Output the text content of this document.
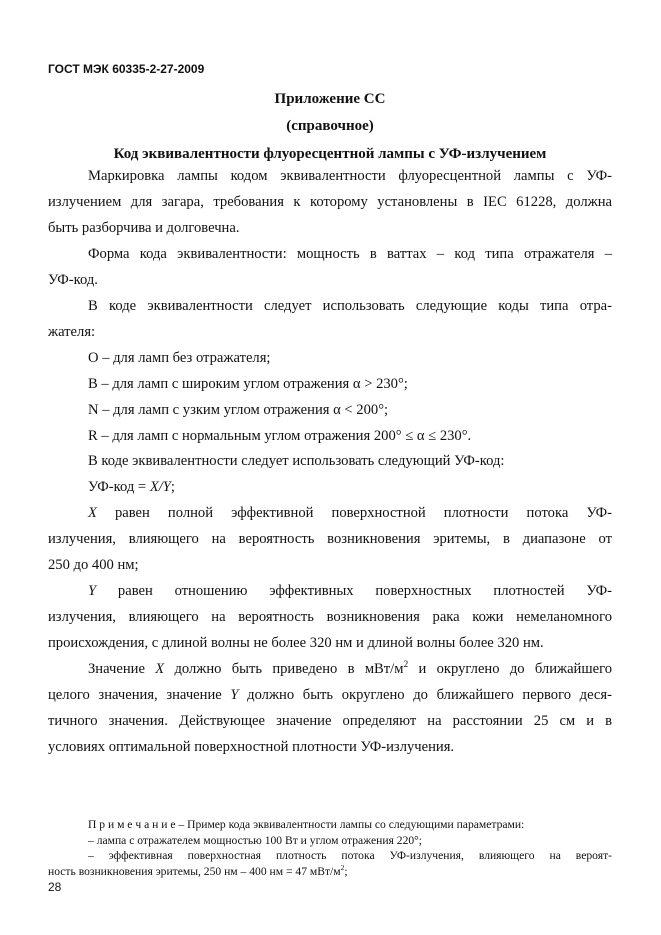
ГОСТ МЭК 60335-2-27-2009
Приложение СС
(справочное)
Код эквивалентности флуоресцентной лампы с УФ-излучением
Маркировка лампы кодом эквивалентности флуоресцентной лампы с УФ-
излучением для загара, требования к которому установлены в IEC 61228, должна
быть разборчива и долговечна.
Форма кода эквивалентности: мощность в ваттах – код типа отражателя –
УФ-код.
В коде эквивалентности следует использовать следующие коды типа отра-
жателя:
О – для ламп без отражателя;
В – для ламп с широким углом отражения α > 230°;
N – для ламп с узким углом отражения α < 200°;
R – для ламп с нормальным углом отражения 200° ≤ α ≤ 230°.
В коде эквивалентности следует использовать следующий УФ-код:
УФ-код = X/Y;
X равен полной эффективной поверхностной плотности потока УФ-
излучения, влияющего на вероятность возникновения эритемы, в диапазоне от
250 до 400 нм;
Y равен отношению эффективных поверхностных плотностей УФ-
излучения, влияющего на вероятность возникновения рака кожи немеланомного
происхождения, с длиной волны не более 320 нм и длиной волны более 320 нм.
Значение X должно быть приведено в мВт/$м^2$ и округлено до ближайшего
целого значения, значение Y должно быть округлено до ближайшего первого деся-
тичного значения. Действующее значение определяют на расстоянии 25 см и в
условиях оптимальной поверхностной плотности УФ-излучения.
П р и м е ч а н и е – Пример кода эквивалентности лампы со следующими параметрами:
– лампа с отражателем мощностью 100 Вт и углом отражения 220°;
– эффективная поверхностная плотность потока УФ-излучения, влияющего на вероят-
ность возникновения эритемы, 250 нм – 400 нм = 47 мВт/$м^2$;
28
